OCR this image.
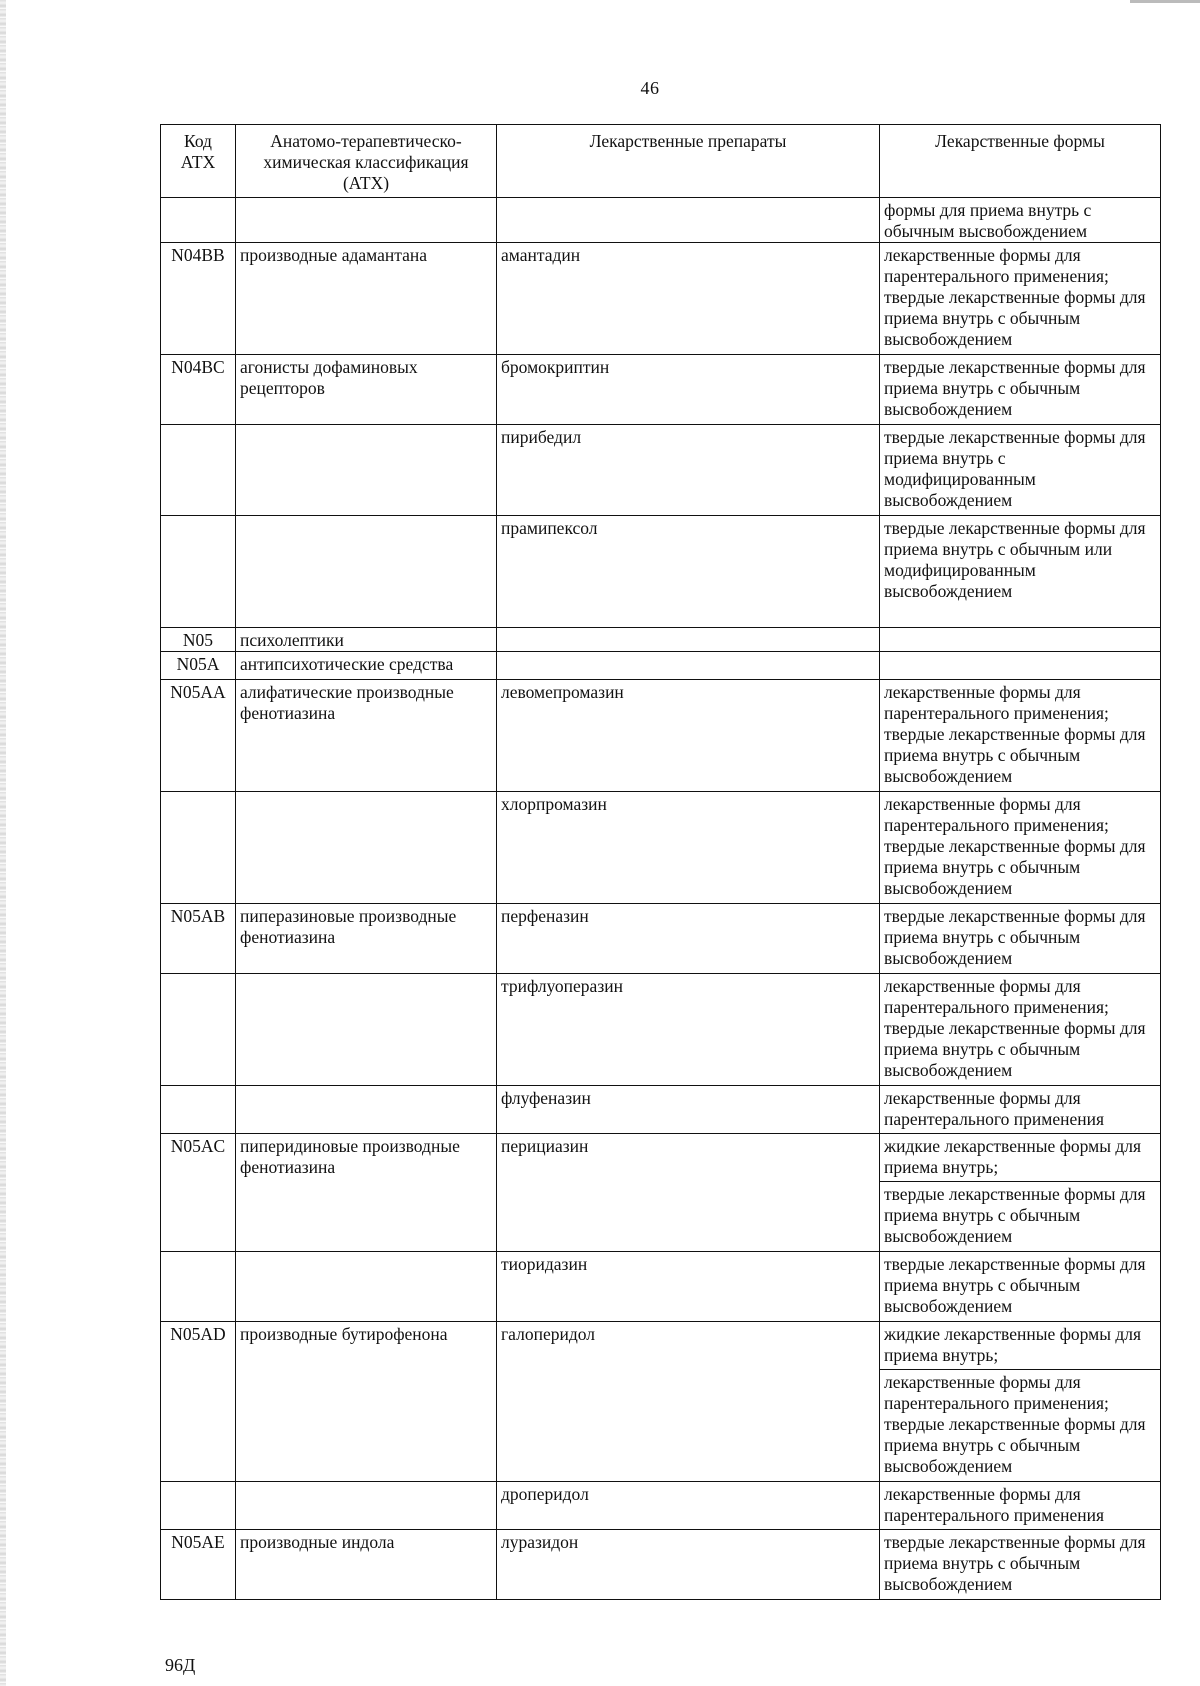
46
Код АТХ	Анатомо-терапевтическо-химическая классификация (АТХ)	Лекарственные препараты	Лекарственные формы
			формы для приема внутрь с обычным высвобождением
N04BB	производные адамантана	амантадин	лекарственные формы для парентерального применения; твердые лекарственные формы для приема внутрь с обычным высвобождением
N04BC	агонисты дофаминовых рецепторов	бромокриптин	твердые лекарственные формы для приема внутрь с обычным высвобождением
		пирибедил	твердые лекарственные формы для приема внутрь с модифицированным высвобождением
		прамипексол	твердые лекарственные формы для приема внутрь с обычным или модифицированным высвобождением
N05	психолептики		
N05A	антипсихотические средства		
N05AA	алифатические производные фенотиазина	левомепромазин	лекарственные формы для парентерального применения; твердые лекарственные формы для приема внутрь с обычным высвобождением
		хлорпромазин	лекарственные формы для парентерального применения; твердые лекарственные формы для приема внутрь с обычным высвобождением
N05AB	пиперазиновые производные фенотиазина	перфеназин	твердые лекарственные формы для приема внутрь с обычным высвобождением
		трифлуоперазин	лекарственные формы для парентерального применения; твердые лекарственные формы для приема внутрь с обычным высвобождением
		флуфеназин	лекарственные формы для парентерального применения
N05AC	пиперидиновые производные фенотиазина	перициазин	жидкие лекарственные формы для приема внутрь;
			твердые лекарственные формы для приема внутрь с обычным высвобождением
		тиоридазин	твердые лекарственные формы для приема внутрь с обычным высвобождением
N05AD	производные бутирофенона	галоперидол	жидкие лекарственные формы для приема внутрь;
			лекарственные формы для парентерального применения; твердые лекарственные формы для приема внутрь с обычным высвобождением
		дроперидол	лекарственные формы для парентерального применения
N05AE	производные индола	луразидон	твердые лекарственные формы для приема внутрь с обычным высвобождением
96Д
